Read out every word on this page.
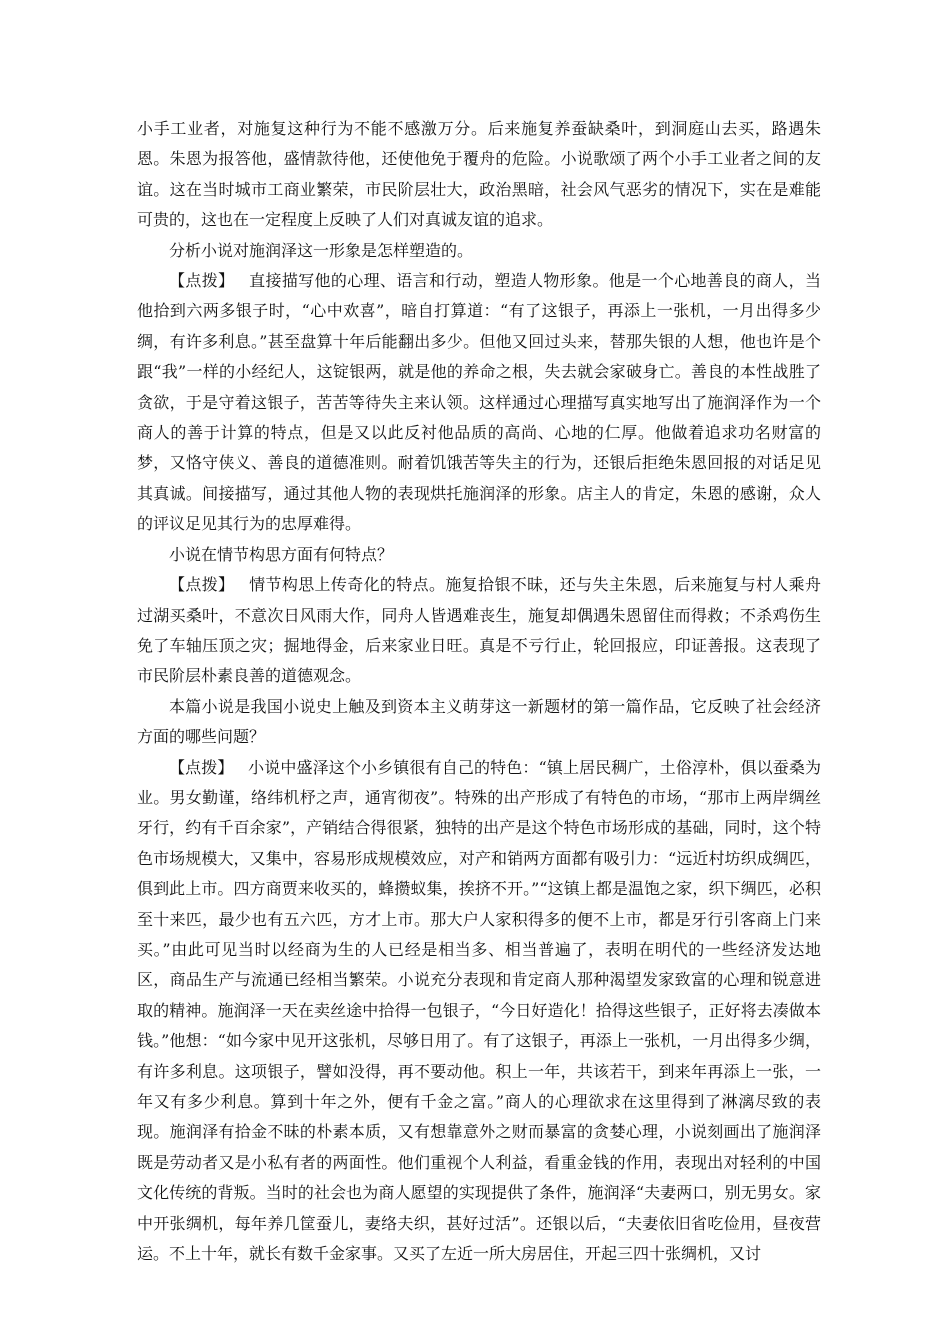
小手工业者，对施复这种行为不能不感激万分。后来施复养蚕缺桑叶，到洞庭山去买，路遇朱恩。朱恩为报答他，盛情款待他，还使他免于覆舟的危险。小说歌颂了两个小手工业者之间的友谊。这在当时城市工商业繁荣，市民阶层壮大，政治黑暗，社会风气恶劣的情况下，实在是难能可贵的，这也在一定程度上反映了人们对真诚友谊的追求。

分析小说对施润泽这一形象是怎样塑造的。

【点拨】 直接描写他的心理、语言和行动，塑造人物形象。他是一个心地善良的商人，当他拾到六两多银子时，“心中欢喜”，暗自打算道：“有了这银子，再添上一张机，一月出得多少绸，有许多利息。”甚至盘算十年后能翻出多少。但他又回过头来，替那失银的人想，他也许是个跟“我”一样的小经纪人，这锭银两，就是他的养命之根，失去就会家破身亡。善良的本性战胜了贪欲，于是守着这银子，苦苦等待失主来认领。这样通过心理描写真实地写出了施润泽作为一个商人的善于计算的特点，但是又以此反衬他品质的高尚、心地的仁厚。他做着追求功名财富的梦，又恪守侠义、善良的道德准则。耐着饥饿苦等失主的行为，还银后拒绝朱恩回报的对话足见其真诚。间接描写，通过其他人物的表现烘托施润泽的形象。店主人的肯定，朱恩的感谢，众人的评议足见其行为的忠厚难得。

小说在情节构思方面有何特点？

【点拨】 情节构思上传奇化的特点。施复拾银不昧，还与失主朱恩，后来施复与村人乘舟过湖买桑叶，不意次日风雨大作，同舟人皆遇难丧生，施复却偶遇朱恩留住而得救；不杀鸡伤生免了车轴压顶之灾；掘地得金，后来家业日旺。真是不亏行止，轮回报应，印证善报。这表现了市民阶层朴素良善的道德观念。

本篇小说是我国小说史上触及到资本主义萌芽这一新题材的第一篇作品，它反映了社会经济方面的哪些问题？

【点拨】 小说中盛泽这个小乡镇很有自己的特色：“镇上居民稠广，土俗淳朴，俱以蚕桑为业。男女勤谨，络纬机杼之声，通宵彻夜”。特殊的出产形成了有特色的市场，“那市上两岸绸丝牙行，约有千百余家”，产销结合得很紧，独特的出产是这个特色市场形成的基础，同时，这个特色市场规模大，又集中，容易形成规模效应，对产和销两方面都有吸引力：“远近村坊织成绸匹，俱到此上市。四方商贾来收买的，蜂攒蚁集，挨挤不开。”“这镇上都是温饱之家，织下绸匹，必积至十来匹，最少也有五六匹，方才上市。那大户人家积得多的便不上市，都是牙行引客商上门来买。”由此可见当时以经商为生的人已经是相当多、相当普遍了，表明在明代的一些经济发达地区，商品生产与流通已经相当繁荣。小说充分表现和肯定商人那种渴望发家致富的心理和锐意进取的精神。施润泽一天在卖丝途中拾得一包银子，“今日好造化！拾得这些银子，正好将去凑做本钱。”他想：“如今家中见开这张机，尽够日用了。有了这银子，再添上一张机，一月出得多少绸，有许多利息。这项银子，譬如没得，再不要动他。积上一年，共该若干，到来年再添上一张，一年又有多少利息。算到十年之外，便有千金之富。”商人的心理欲求在这里得到了淋漓尽致的表现。施润泽有拾金不昧的朴素本质，又有想靠意外之财而暴富的贪婪心理，小说刻画出了施润泽既是劳动者又是小私有者的两面性。他们重视个人利益，看重金钱的作用，表现出对轻利的中国文化传统的背叛。当时的社会也为商人愿望的实现提供了条件，施润泽“夫妻两口，别无男女。家中开张绸机，每年养几筐蚕儿，妻络夫织，甚好过活”。还银以后，“夫妻依旧省吃俭用，昼夜营运。不上十年，就长有数千金家事。又买了左近一所大房居住，开起三四十张绸机，又讨
